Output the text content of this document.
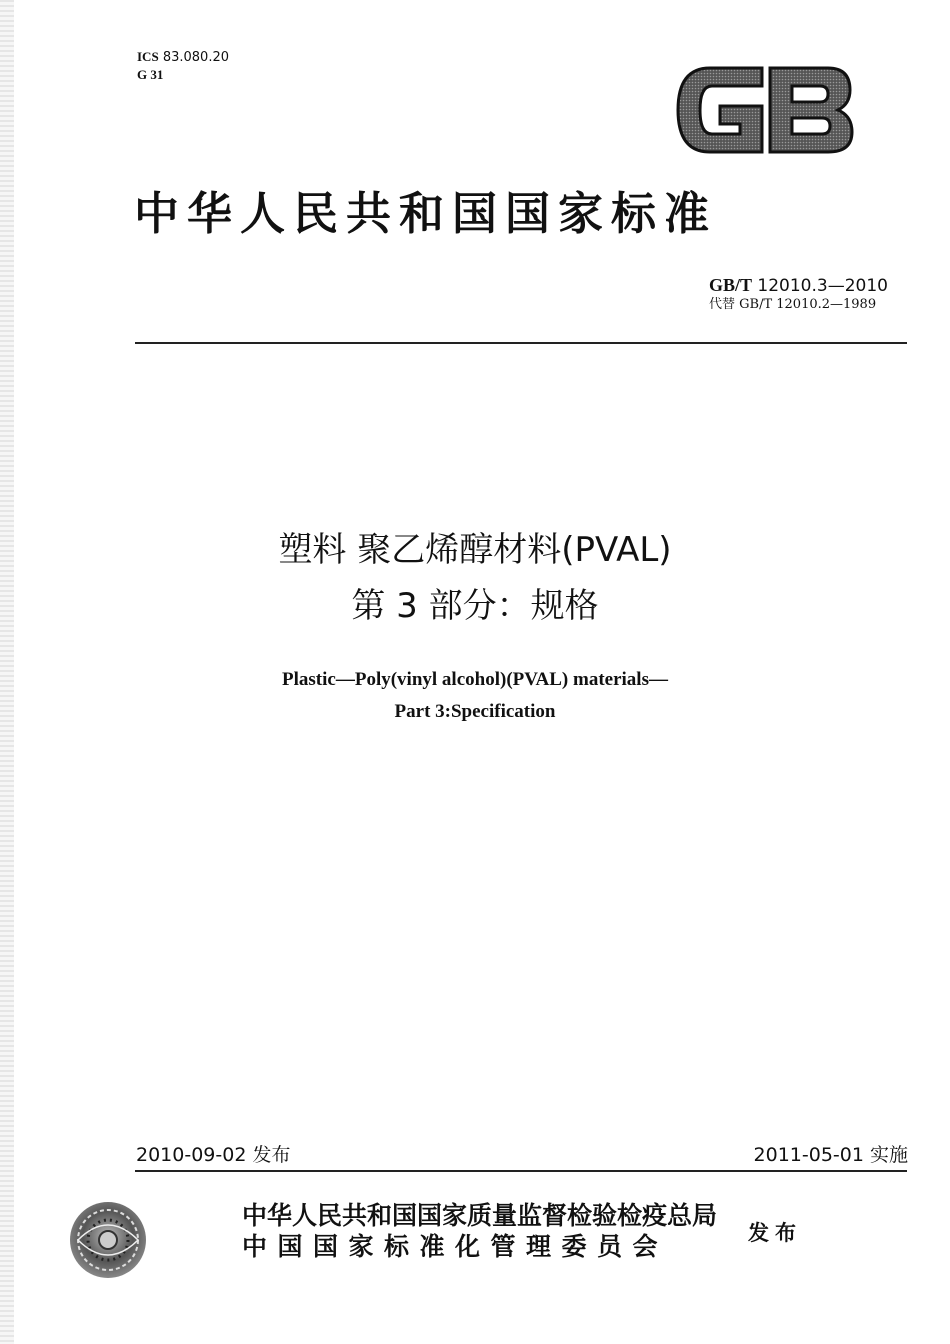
ICS 83.080.20
G 31
中华人民共和国国家标准
GB/T 12010.3—2010
代替 GB/T 12010.2—1989
塑料 聚乙烯醇材料(PVAL)
第 3 部分：规格
Plastic—Poly(vinyl alcohol)(PVAL) materials—
Part 3:Specification
2010-09-02 发布	2011-05-01 实施
中华人民共和国国家质量监督检验检疫总局
中国国家标准化管理委员会	发布
